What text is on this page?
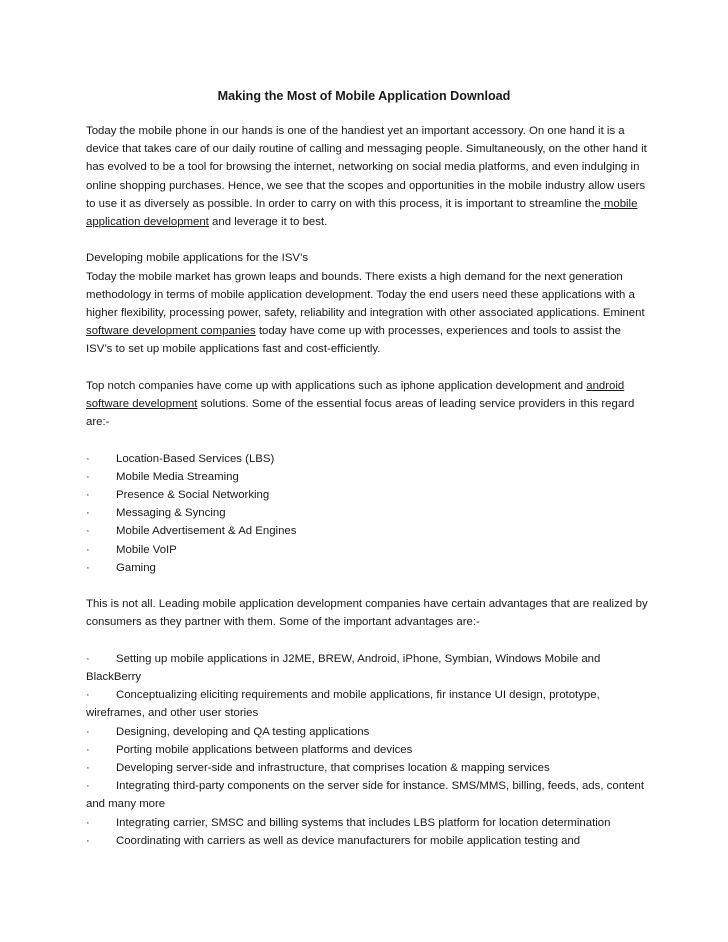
Making the Most of Mobile Application Download

Today the mobile phone in our hands is one of the handiest yet an important accessory. On one hand it is a device that takes care of our daily routine of calling and messaging people. Simultaneously, on the other hand it has evolved to be a tool for browsing the internet, networking on social media platforms, and even indulging in online shopping purchases. Hence, we see that the scopes and opportunities in the mobile industry allow users to use it as diversely as possible. In order to carry on with this process, it is important to streamline the mobile application development and leverage it to best.

Developing mobile applications for the ISV’s
Today the mobile market has grown leaps and bounds. There exists a high demand for the next generation methodology in terms of mobile application development. Today the end users need these applications with a higher flexibility, processing power, safety, reliability and integration with other associated applications. Eminent software development companies today have come up with processes, experiences and tools to assist the ISV’s to set up mobile applications fast and cost-efficiently.

Top notch companies have come up with applications such as iphone application development and android software development solutions. Some of the essential focus areas of leading service providers in this regard are:-

· Location-Based Services (LBS)
· Mobile Media Streaming
· Presence & Social Networking
· Messaging & Syncing
· Mobile Advertisement & Ad Engines
· Mobile VoIP
· Gaming

This is not all. Leading mobile application development companies have certain advantages that are realized by consumers as they partner with them. Some of the important advantages are:-

· Setting up mobile applications in J2ME, BREW, Android, iPhone, Symbian, Windows Mobile and BlackBerry
· Conceptualizing eliciting requirements and mobile applications, fir instance UI design, prototype, wireframes, and other user stories
· Designing, developing and QA testing applications
· Porting mobile applications between platforms and devices
· Developing server-side and infrastructure, that comprises location & mapping services
· Integrating third-party components on the server side for instance. SMS/MMS, billing, feeds, ads, content and many more
· Integrating carrier, SMSC and billing systems that includes LBS platform for location determination
· Coordinating with carriers as well as device manufacturers for mobile application testing and
